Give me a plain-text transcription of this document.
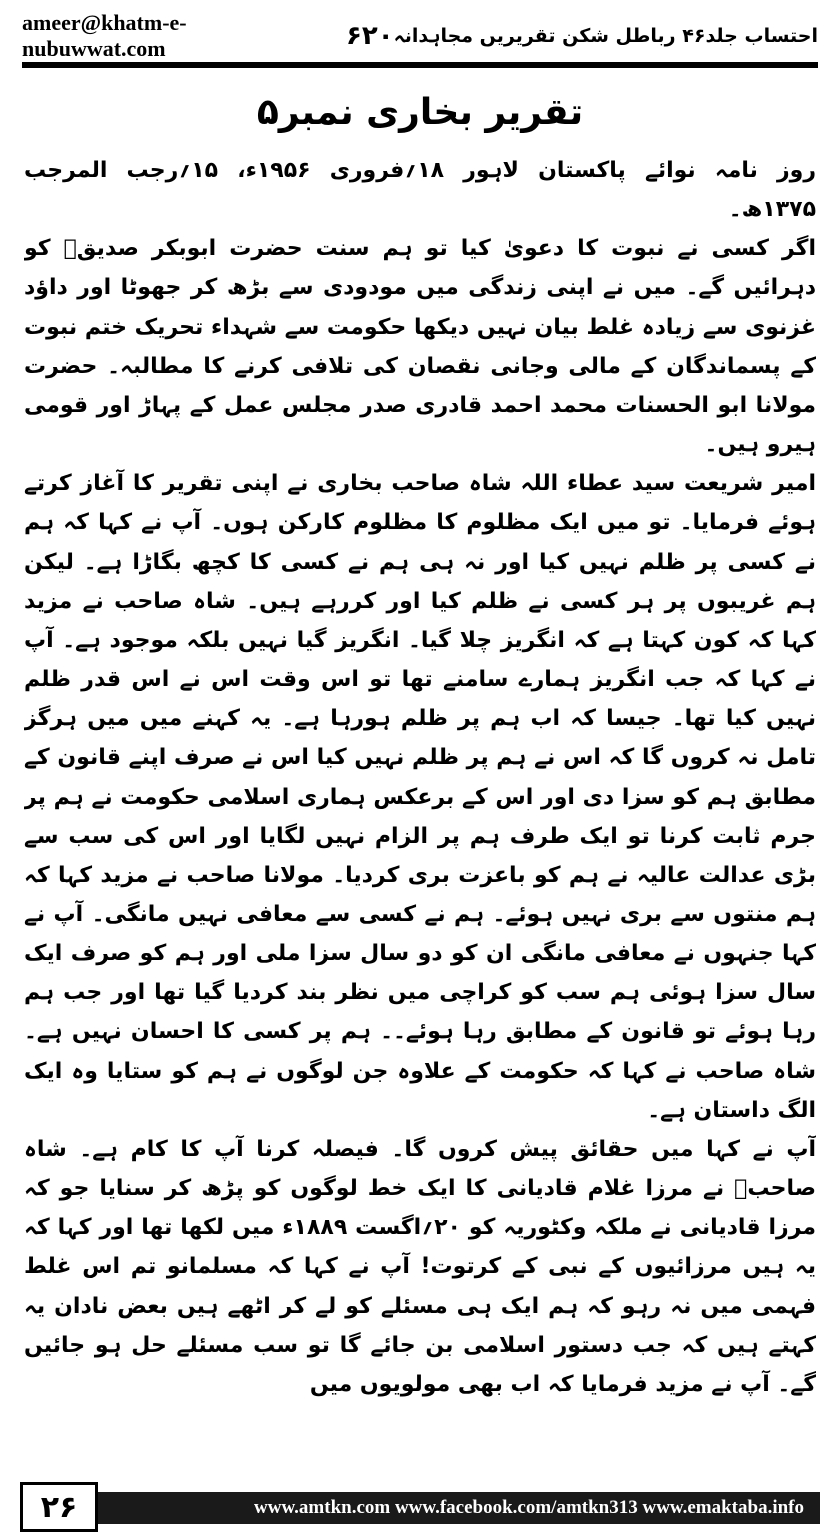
ameer@khatm-e-nubuwwat.com	۶۲۰ احتساب جلد۴۶ رباطل شکن تقریریں مجاہدانہ
تقریر بخاری نمبر۵

روز نامہ نوائے پاکستان لاہور ۱۸؍فروری ۱۹۵۶ء، ۱۵؍رجب المرجب ۱۳۷۵ھ۔

اگر کسی نے نبوت کا دعویٰ کیا تو ہم سنت حضرت ابوبکر صدیقؓ کو دہرائیں گے۔ میں نے اپنی زندگی میں مودودی سے بڑھ کر جھوٹا اور داؤد غزنوی سے زیادہ غلط بیان نہیں دیکھا حکومت سے شہداء تحریک ختم نبوت کے پسماندگان کے مالی وجانی نقصان کی تلافی کرنے کا مطالبہ۔ حضرت مولانا ابو الحسنات محمد احمد قادری صدر مجلس عمل کے پہاڑ اور قومی ہیرو ہیں۔

امیر شریعت سید عطاء اللہ شاہ صاحب بخاری نے اپنی تقریر کا آغاز کرتے ہوئے فرمایا۔ تو میں ایک مظلوم کا مظلوم کارکن ہوں۔ آپ نے کہا کہ ہم نے کسی پر ظلم نہیں کیا اور نہ ہی ہم نے کسی کا کچھ بگاڑا ہے۔ لیکن ہم غریبوں پر ہر کسی نے ظلم کیا اور کررہے ہیں۔ شاہ صاحب نے مزید کہا کہ کون کہتا ہے کہ انگریز چلا گیا۔ انگریز گیا نہیں بلکہ موجود ہے۔ آپ نے کہا کہ جب انگریز ہمارے سامنے تھا تو اس وقت اس نے اس قدر ظلم نہیں کیا تھا۔ جیسا کہ اب ہم پر ظلم ہورہا ہے۔ یہ کہنے میں میں ہرگز تامل نہ کروں گا کہ اس نے ہم پر ظلم نہیں کیا اس نے صرف اپنے قانون کے مطابق ہم کو سزا دی اور اس کے برعکس ہماری اسلامی حکومت نے ہم پر جرم ثابت کرنا تو ایک طرف ہم پر الزام نہیں لگایا اور اس کی سب سے بڑی عدالت عالیہ نے ہم کو باعزت بری کردیا۔ مولانا صاحب نے مزید کہا کہ ہم منتوں سے بری نہیں ہوئے۔ ہم نے کسی سے معافی نہیں مانگی۔ آپ نے کہا جنہوں نے معافی مانگی ان کو دو سال سزا ملی اور ہم کو صرف ایک سال سزا ہوئی ہم سب کو کراچی میں نظر بند کردیا گیا تھا اور جب ہم رہا ہوئے تو قانون کے مطابق رہا ہوئے۔۔ ہم پر کسی کا احسان نہیں ہے۔ شاہ صاحب نے کہا کہ حکومت کے علاوہ جن لوگوں نے ہم کو ستایا وہ ایک الگ داستان ہے۔

آپ نے کہا میں حقائق پیش کروں گا۔ فیصلہ کرنا آپ کا کام ہے۔ شاہ صاحبؒ نے مرزا غلام قادیانی کا ایک خط لوگوں کو پڑھ کر سنایا جو کہ مرزا قادیانی نے ملکہ وکٹوریہ کو ۲۰؍اگست ۱۸۸۹ء میں لکھا تھا اور کہا کہ یہ ہیں مرزائیوں کے نبی کے کرتوت! آپ نے کہا کہ مسلمانو تم اس غلط فہمی میں نہ رہو کہ ہم ایک ہی مسئلے کو لے کر اٹھے ہیں بعض نادان یہ کہتے ہیں کہ جب دستور اسلامی بن جائے گا تو سب مسئلے حل ہو جائیں گے۔ آپ نے مزید فرمایا کہ اب بھی مولویوں میں

www.amtkn.com www.facebook.com/amtkn313 www.emaktaba.info
۲۶
